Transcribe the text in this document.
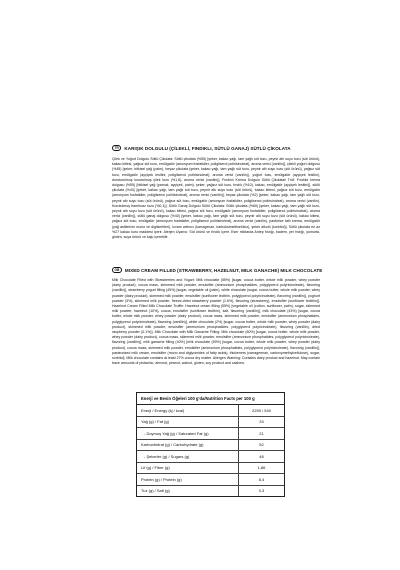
TR	KARIŞIK DOLGULU (ÇİLEKLİ, FINDIKLI, SÜTLÜ GANAJ) SÜTLÜ ÇİKOLATA

Çilek ve Yoğurt Dolgulu Sütlü Çikolata: Sütlü çikolata (%55) [şeker, kakao yağı, tam yağlı süt tozu, peynir altı suyu tozu (süt ürünü), kakao kitlesi, yağsız süt tozu, emülgatör (amonyum fosfatidler, poligliserol polirisinoleat), aroma verici (vanilin)], çilekli yoğurt dolgusu (%45) [şeker, bitkisel yağ (palm), beyaz çikolata (şeker, kakao yağı, tam yağlı süt tozu, peynir altı suyu tozu (süt ürünü), yağsız süt tozu, emülgatör (ayçiçek lesitini, poliglisenol polirisinoleat), aroma verici (vanilin)), yoğurt tozu, emülgatör (ayçiçek lesitini), dondurulmuş kurutulmuş çilek tozu (%1,6), aroma verici (vanilin)], Fındıklı Krema Dolgulu Sütlü Çikolatalı Trüf: Fındıklı krema dolgusu (%55) [bitkisel yağ (pamuk, ayçiçek, palm), şeker, yağsız süt tozu, fındık (%10), kakao, emülgatör (ayçiçek lesitini)], sütlü çikolata (%43) [şeker, kakao yağı, tam yağlı süt tozu, peynir altı suyu tozu (süt ürünü), kakao kitlesi, yağsız süt tozu, emülgatör (amonyum fosfatidler, poliglisenol polirisinoleat), aroma verici (vanilin)], beyaz çikolata (%2) [şeker, kakao yağı, tam yağlı süt tozu, peynir altı suyu tozu (süt ürünü), yağsız süt tozu, emülgatör (amonyum fosfatidler, poliglisenol polirisinoleat), aroma verici (vanilin), Kurutulmuş frambuaz tozu (%0,1)]. Sütlü Ganaj Dolgulu Sütlü Çikolata: Sütlü çikolata (%60) [şeker, kakao yağı, tam yağlı süt tozu, peynir altı suyu tozu (süt ürünü), kakao kitlesi, yağsız süt tozu, emülgatör (amonyum fosfatidler, poliglisenol polirisinoleat), aroma verici (vanilin)], sütlü ganaj dolgusu (%40) [şeker, kakao yağı, tam yağlı süt tozu, peynir altı suyu tozu (süt ürünü), kakao kitlesi, yağsız süt tozu, emülgatör (amonyum fosfatidler, poliglisenol polirisinoleat), aroma verici (vanilin), pastörize tatlı krema, emülgatör (yağ asitlerinin mono ve digliseritleri), kıvam arttırıcı (karragenan, karboksimetilselüloz), şeker alkolü (sorbitol)]. Sütlü çikolata en az %27 kakao kuru maddesi içerir. Alerjen Uyarısı: Süt ürünü ve fındık içerir. Eser miktarda Antep fıstığı, badem, yer fıstığı, yumurta, gluten, soya ürünü ve kaju içerebilir.

GB	MIXED CREAM FILLED (STRAWBERRY, HAZELNUT, MILK GANACHE) MILK CHOCOLATE

Milk Chocolate Filled with Strawberries and Yogurt: Milk chocolate (55%) [sugar, cocoa butter, whole milk powder, whey powder (dairy product), cocoa mass, skimmed milk powder, emulsifier (ammonium phosphatides, polyglycerol polyricinoleate), flavoring (vanillin)], strawberry yogurt filling (45%) [sugar, vegetable oil (palm), white chocolate (sugar, cocoa butter, whole milk powder, whey powder (dairy product), skimmed milk powder, emulsifier (sunflower lecithin, polyglycerol polyricinoleate), flavoring (vanillin)), yoghurt powder (3%), skimmed milk powder, freeze-dried strawberry powder (1.6%), flavoring (strawberry), emulsifier (sunflower lecithin)]. Hazelnut Cream Filled Milk Chocolate Truffle: Hazelnut cream filling (55%) [vegetable oil (cotton, sunflower, palm), sugar, skimmed milk powder, hazelnut (10%), cocoa, emulsifier (sunflower lecithin), salt, flavoring (vanillin)], milk chocolate (43%) [sugar, cocoa butter, whole milk powder, whey powder (dairy product), cocoa mass, skimmed milk powder, emulsifier (ammonium phosphatides, polyglycerol polyricinoleate), flavoring (vanillin)], white chocolate (2%) [sugar, cocoa butter, whole milk powder, whey powder (dairy product), skimmed milk powder, emulsifier (ammonium phosphatides, polyglycerol polyricinoleate), flavoring (vanillin), dried raspberry powder (0.1%)]. Milk Chocolate with Milk Ganache Filling: Milk chocolate (60%) [sugar, cocoa butter, whole milk powder, whey powder (dairy product), cocoa mass, skimmed milk powder, emulsifier (ammonium phosphatides, polyglycerol polyricinoleate), flavoring (vanillin)], milk ganache filling (40%) [milk chocolate (59%) [sugar, cocoa butter, whole milk powder, whey powder (dairy product), cocoa mass, skimmed milk powder, emulsifier (ammonium phosphatides, polyglycerol polyricinoleate), flavoring (vanillin)], pasteurized milk cream, emulsifier (mono and diglycerides of fatty acids), thickeners (carrageenan, carboxymethylcellulose), sugar, sorbitol]. Milk chocolate contains at least 27% cocoa dry matter. Allergen Warning: Contains dairy product and hazelnut. May contain trace amounts of pistachio, almond, peanut, walnut, gluten, soy product and cashew.

Enerji ve Besin Öğeleri 100 g'da/Nutrition Facts per 100 g
Enerji / Energy (kj / kcal)	2259 / 540
Yağ (g) / Fat (g)	33
- Doymuş Yağ (g) / Saturated Fat (g)	21
Karbonhidrat (g) / Carbohydrate (g)	52
- Şekerler (g) / Sugars (g)	48
Lif (g) / Fiber (g)	1,86
Protein (g) / Protein (g)	6,4
Tuz (g) / Salt (g)	0,3
